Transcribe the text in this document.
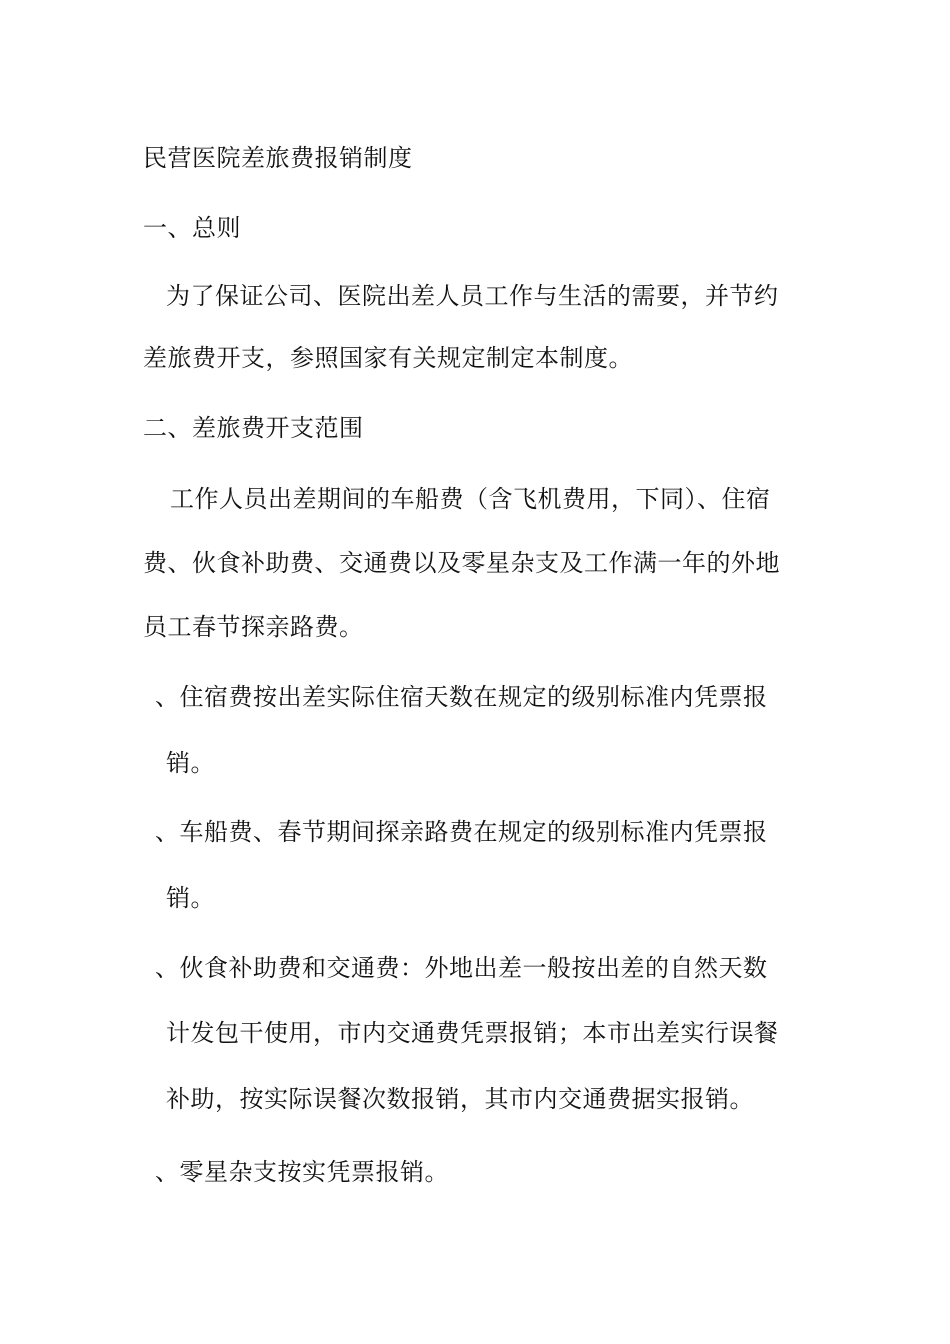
民营医院差旅费报销制度
一、总则
为了保证公司、医院出差人员工作与生活的需要，并节约
差旅费开支，参照国家有关规定制定本制度。
二、差旅费开支范围
工作人员出差期间的车船费（含飞机费用，下同）、住宿
费、伙食补助费、交通费以及零星杂支及工作满一年的外地
员工春节探亲路费。
、住宿费按出差实际住宿天数在规定的级别标准内凭票报
销。
、车船费、春节期间探亲路费在规定的级别标准内凭票报
销。
、伙食补助费和交通费：外地出差一般按出差的自然天数
计发包干使用，市内交通费凭票报销；本市出差实行误餐
补助，按实际误餐次数报销，其市内交通费据实报销。
、零星杂支按实凭票报销。
